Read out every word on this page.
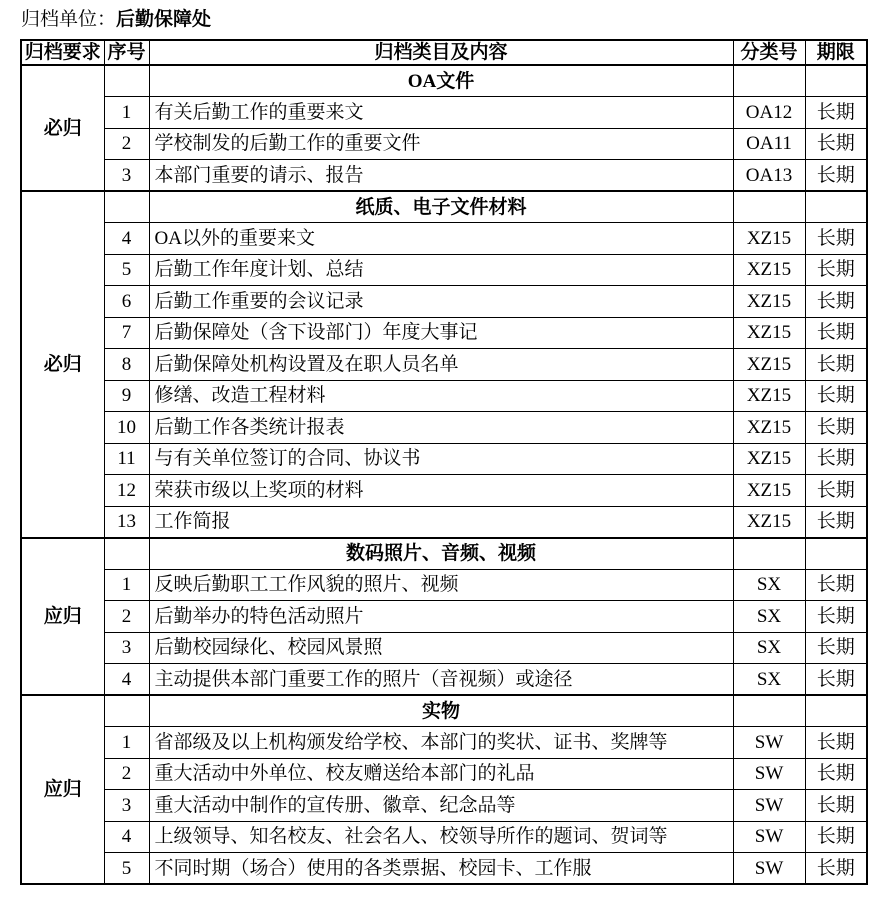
归档单位：后勤保障处
归档要求	序号	归档类目及内容	分类号	期限
必归		OA文件		
	1	有关后勤工作的重要来文	OA12	长期
	2	学校制发的后勤工作的重要文件	OA11	长期
	3	本部门重要的请示、报告	OA13	长期
必归		纸质、电子文件材料		
	4	OA以外的重要来文	XZ15	长期
	5	后勤工作年度计划、总结	XZ15	长期
	6	后勤工作重要的会议记录	XZ15	长期
	7	后勤保障处（含下设部门）年度大事记	XZ15	长期
	8	后勤保障处机构设置及在职人员名单	XZ15	长期
	9	修缮、改造工程材料	XZ15	长期
	10	后勤工作各类统计报表	XZ15	长期
	11	与有关单位签订的合同、协议书	XZ15	长期
	12	荣获市级以上奖项的材料	XZ15	长期
	13	工作简报	XZ15	长期
应归		数码照片、音频、视频		
	1	反映后勤职工工作风貌的照片、视频	SX	长期
	2	后勤举办的特色活动照片	SX	长期
	3	后勤校园绿化、校园风景照	SX	长期
	4	主动提供本部门重要工作的照片（音视频）或途径	SX	长期
应归		实物		
	1	省部级及以上机构颁发给学校、本部门的奖状、证书、奖牌等	SW	长期
	2	重大活动中外单位、校友赠送给本部门的礼品	SW	长期
	3	重大活动中制作的宣传册、徽章、纪念品等	SW	长期
	4	上级领导、知名校友、社会名人、校领导所作的题词、贺词等	SW	长期
	5	不同时期（场合）使用的各类票据、校园卡、工作服	SW	长期
